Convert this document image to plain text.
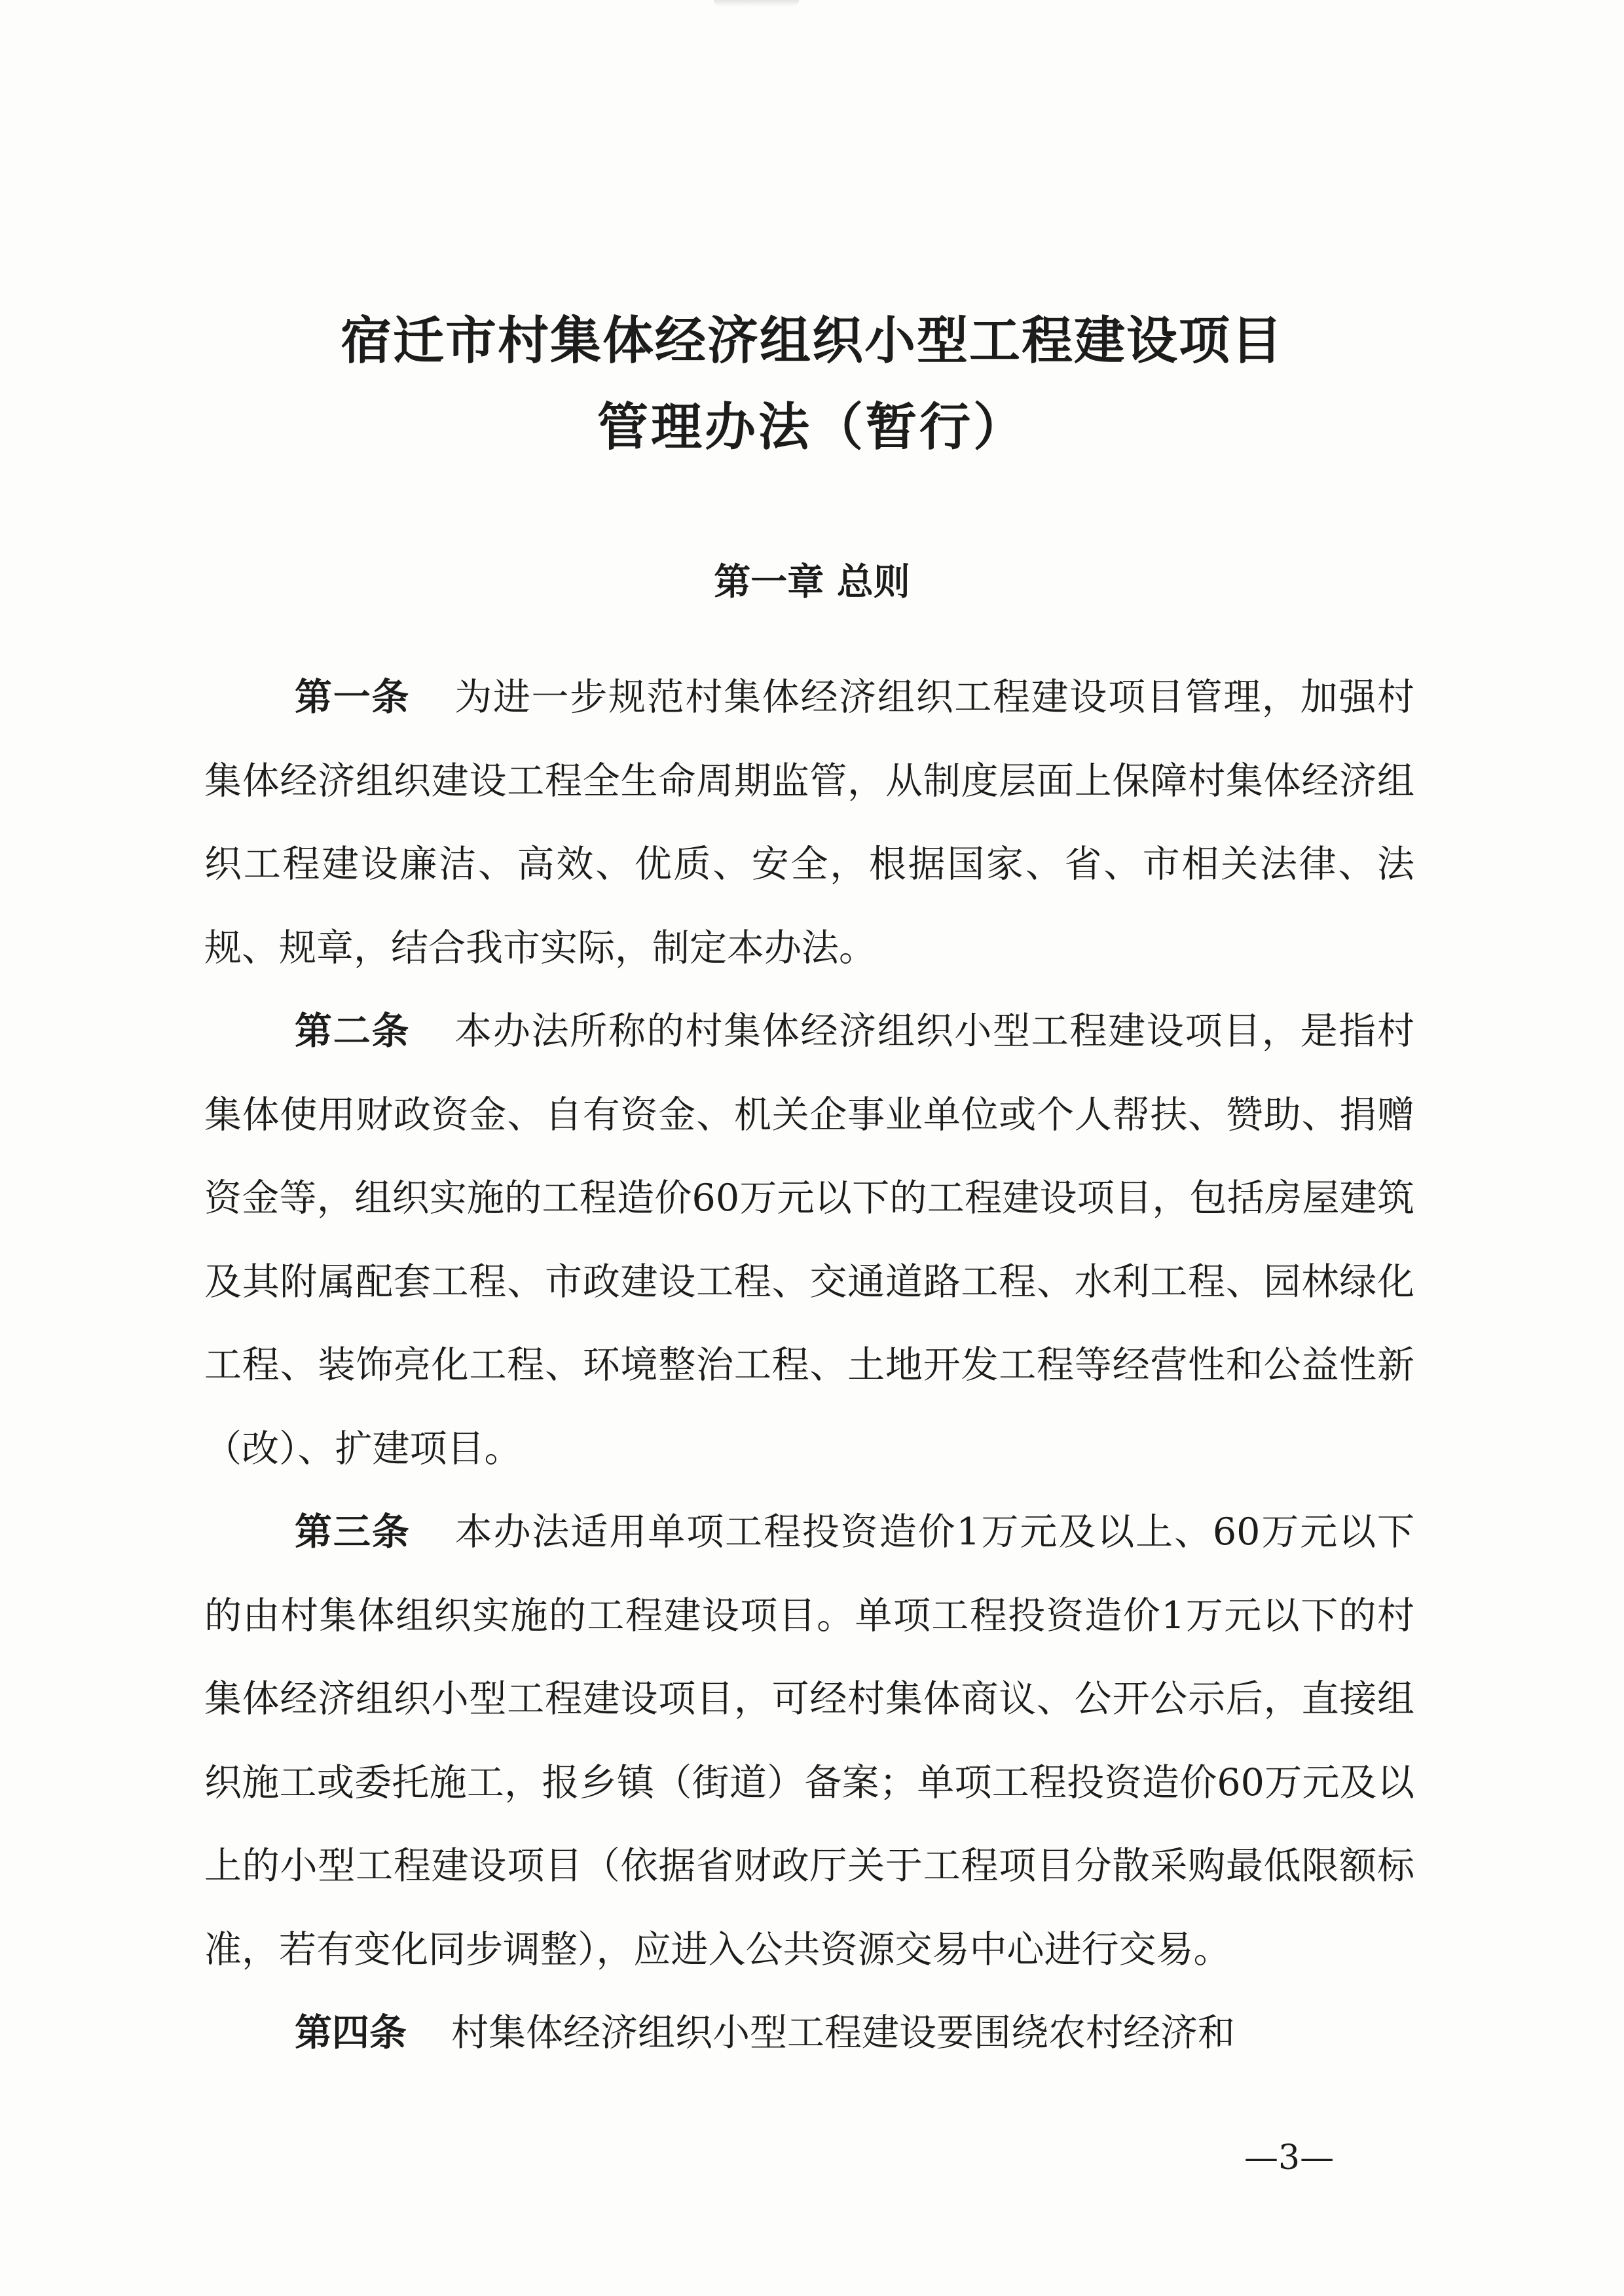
宿迁市村集体经济组织小型工程建设项目
管理办法（暂行）
第一章 总则

第一条 为进一步规范村集体经济组织工程建设项目管理，加强村集体经济组织建设工程全生命周期监管，从制度层面上保障村集体经济组织工程建设廉洁、高效、优质、安全，根据国家、省、市相关法律、法规、规章，结合我市实际，制定本办法。

第二条 本办法所称的村集体经济组织小型工程建设项目，是指村集体使用财政资金、自有资金、机关企事业单位或个人帮扶、赞助、捐赠资金等，组织实施的工程造价60万元以下的工程建设项目，包括房屋建筑及其附属配套工程、市政建设工程、交通道路工程、水利工程、园林绿化工程、装饰亮化工程、环境整治工程、土地开发工程等经营性和公益性新（改）、扩建项目。

第三条 本办法适用单项工程投资造价1万元及以上、60万元以下的由村集体组织实施的工程建设项目。单项工程投资造价1万元以下的村集体经济组织小型工程建设项目，可经村集体商议、公开公示后，直接组织施工或委托施工，报乡镇（街道）备案；单项工程投资造价60万元及以上的小型工程建设项目（依据省财政厅关于工程项目分散采购最低限额标准，若有变化同步调整），应进入公共资源交易中心进行交易。

第四条 村集体经济组织小型工程建设要围绕农村经济和

—3—
